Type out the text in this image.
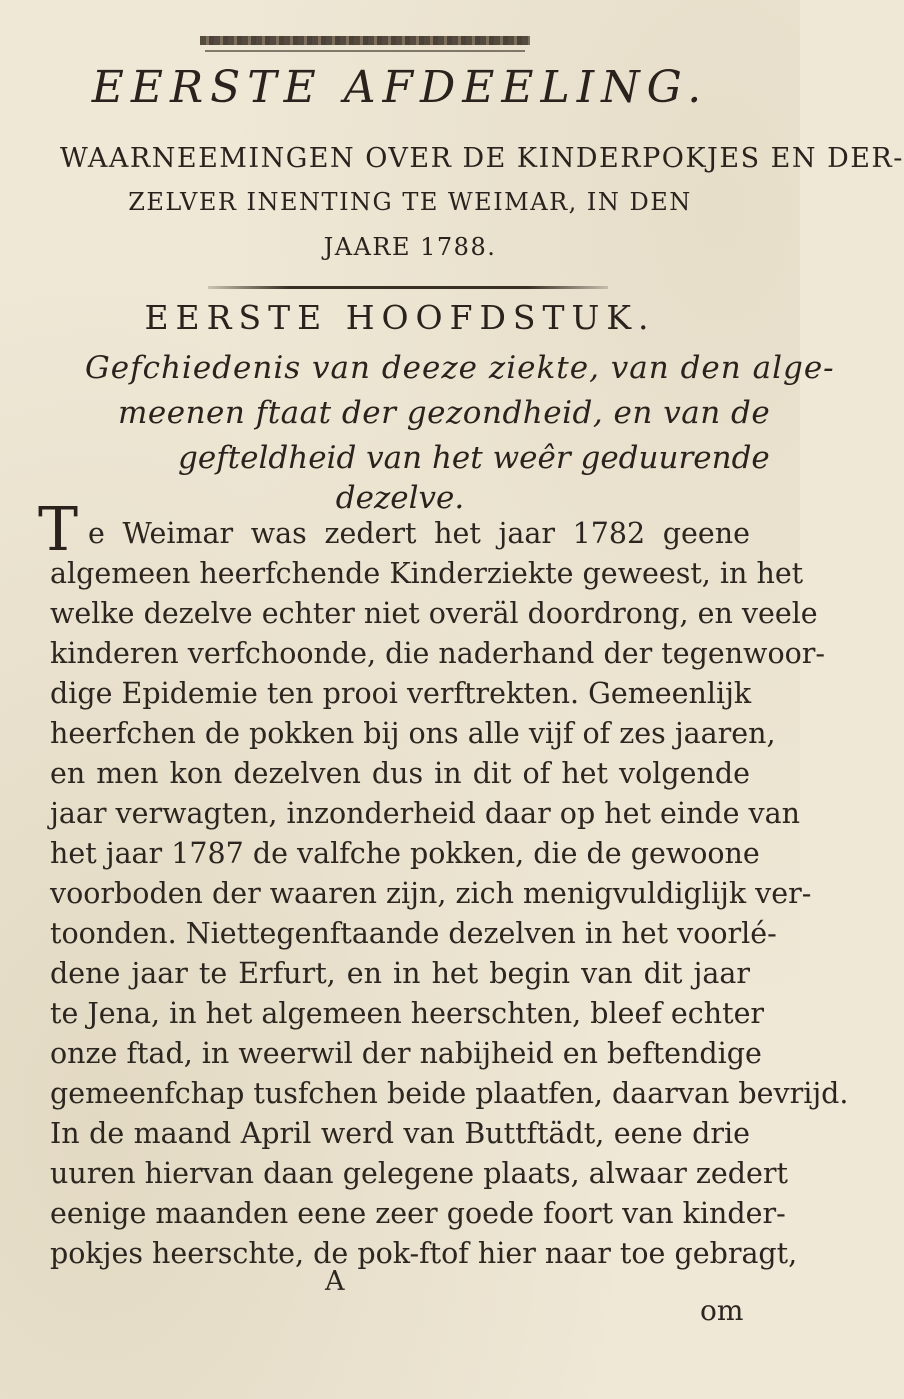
EERSTE AFDEELING.
WAARNEEMINGEN OVER DE KINDERPOKJES EN DER-
ZELVER INENTING TE WEIMAR, IN DEN
JAARE 1788.
EERSTE HOOFDSTUK.
Gefchiedenis van deeze ziekte, van den alge-
meenen ftaat der gezondheid, en van de
gefteldheid van het weêr geduurende
dezelve.
T e Weimar was zedert het jaar 1782 geene
algemeen heerfchende Kinderziekte geweest, in het
welke dezelve echter niet overäl doordrong, en veele
kinderen verfchoonde, die naderhand der tegenwoor-
dige Epidemie ten prooi verftrekten. Gemeenlijk
heerfchen de pokken bij ons alle vijf of zes jaaren,
en men kon dezelven dus in dit of het volgende
jaar verwagten, inzonderheid daar op het einde van
het jaar 1787 de valfche pokken, die de gewoone
voorboden der waaren zijn, zich menigvuldiglijk ver-
toonden. Niettegenftaande dezelven in het voorlé-
dene jaar te Erfurt, en in het begin van dit jaar
te Jena, in het algemeen heerschten, bleef echter
onze ftad, in weerwil der nabijheid en beftendige
gemeenfchap tusfchen beide plaatfen, daarvan bevrijd.
In de maand April werd van Buttftädt, eene drie
uuren hiervan daan gelegene plaats, alwaar zedert
eenige maanden eene zeer goede foort van kinder-
pokjes heerschte, de pok-ftof hier naar toe gebragt,
A
om
